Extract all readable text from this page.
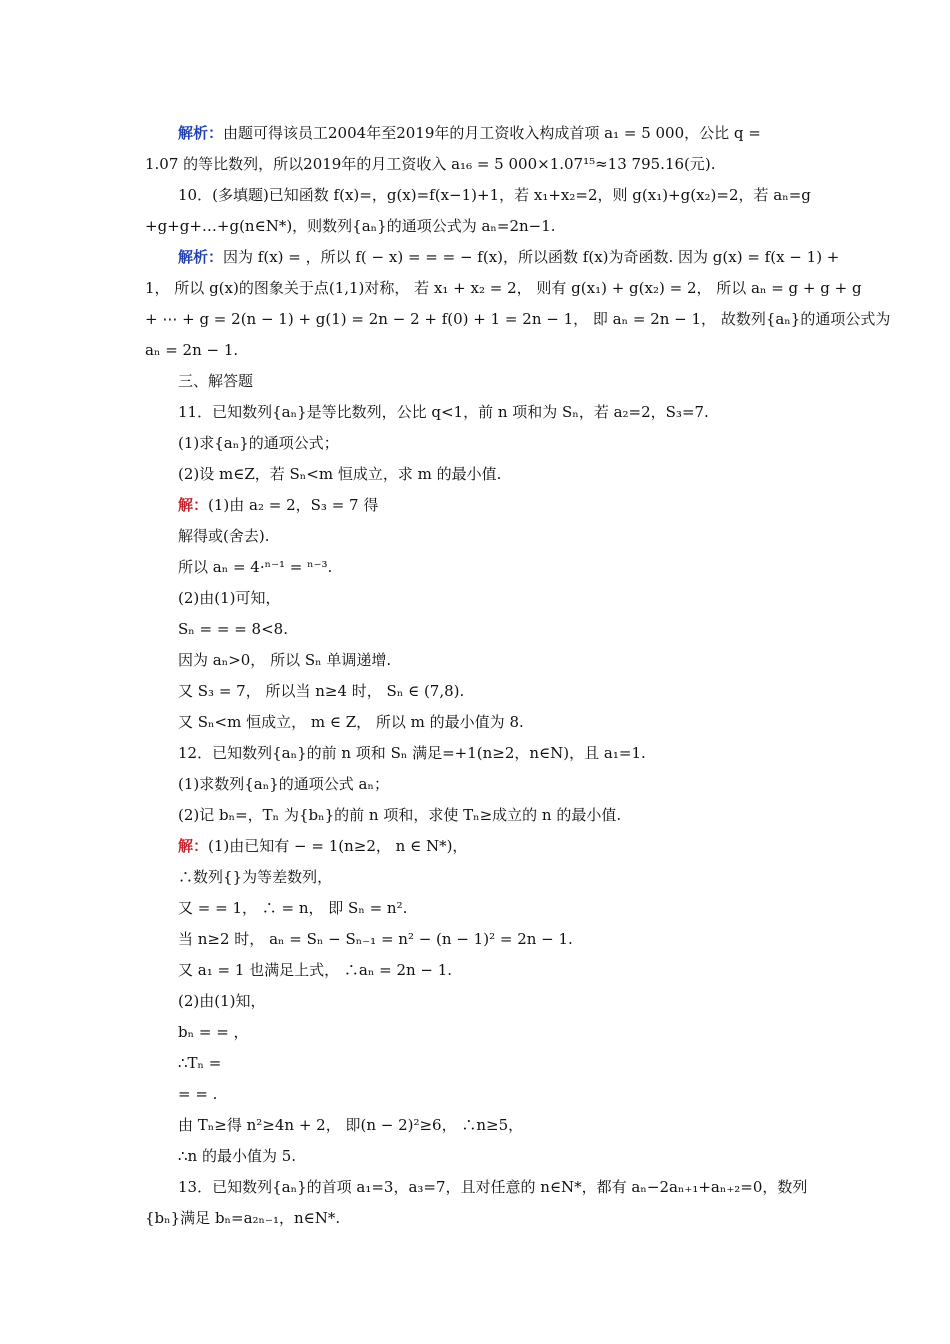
解析：由题可得该员工2004年至2019年的月工资收入构成首项 a₁ = 5 000，公比 q =
1.07 的等比数列，所以2019年的月工资收入 a₁₆ = 5 000×1.07¹⁵≈13 795.16(元).
10．(多填题)已知函数 f(x)=，g(x)=f(x−1)+1，若 x₁+x₂=2，则 g(x₁)+g(x₂)=2，若 aₙ=g
+g+g+…+g(n∈N*)，则数列{aₙ}的通项公式为 aₙ=2n−1.
解析：因为 f(x) = ，所以 f( − x) = = = − f(x)，所以函数 f(x)为奇函数. 因为 g(x) = f(x − 1) +
1， 所以 g(x)的图象关于点(1,1)对称， 若 x₁ + x₂ = 2， 则有 g(x₁) + g(x₂) = 2， 所以 aₙ = g + g + g
+ ⋯ + g = 2(n − 1) + g(1) = 2n − 2 + f(0) + 1 = 2n − 1， 即 aₙ = 2n − 1， 故数列{aₙ}的通项公式为
aₙ = 2n − 1.
三、解答题
11．已知数列{aₙ}是等比数列，公比 q<1，前 n 项和为 Sₙ，若 a₂=2，S₃=7.
(1)求{aₙ}的通项公式；
(2)设 m∈Z，若 Sₙ<m 恒成立，求 m 的最小值.
解：(1)由 a₂ = 2，S₃ = 7 得
解得或(舍去).
所以 aₙ = 4·ⁿ⁻¹ = ⁿ⁻³.
(2)由(1)可知，
Sₙ = = = 8<8.
因为 aₙ>0， 所以 Sₙ 单调递增.
又 S₃ = 7， 所以当 n≥4 时， Sₙ ∈ (7,8).
又 Sₙ<m 恒成立， m ∈ Z， 所以 m 的最小值为 8.
12．已知数列{aₙ}的前 n 项和 Sₙ 满足=+1(n≥2，n∈N)，且 a₁=1.
(1)求数列{aₙ}的通项公式 aₙ；
(2)记 bₙ=，Tₙ 为{bₙ}的前 n 项和，求使 Tₙ≥成立的 n 的最小值.
解：(1)由已知有 − = 1(n≥2， n ∈ N*)，
∴数列{}为等差数列，
又 = = 1， ∴ = n， 即 Sₙ = n².
当 n≥2 时， aₙ = Sₙ − Sₙ₋₁ = n² − (n − 1)² = 2n − 1.
又 a₁ = 1 也满足上式， ∴aₙ = 2n − 1.
(2)由(1)知，
bₙ = = ，
∴Tₙ =
= = .
由 Tₙ≥得 n²≥4n + 2， 即(n − 2)²≥6， ∴n≥5，
∴n 的最小值为 5.
13．已知数列{aₙ}的首项 a₁=3，a₃=7，且对任意的 n∈N*，都有 aₙ−2aₙ₊₁+aₙ₊₂=0，数列
{bₙ}满足 bₙ=a₂ₙ₋₁，n∈N*.
